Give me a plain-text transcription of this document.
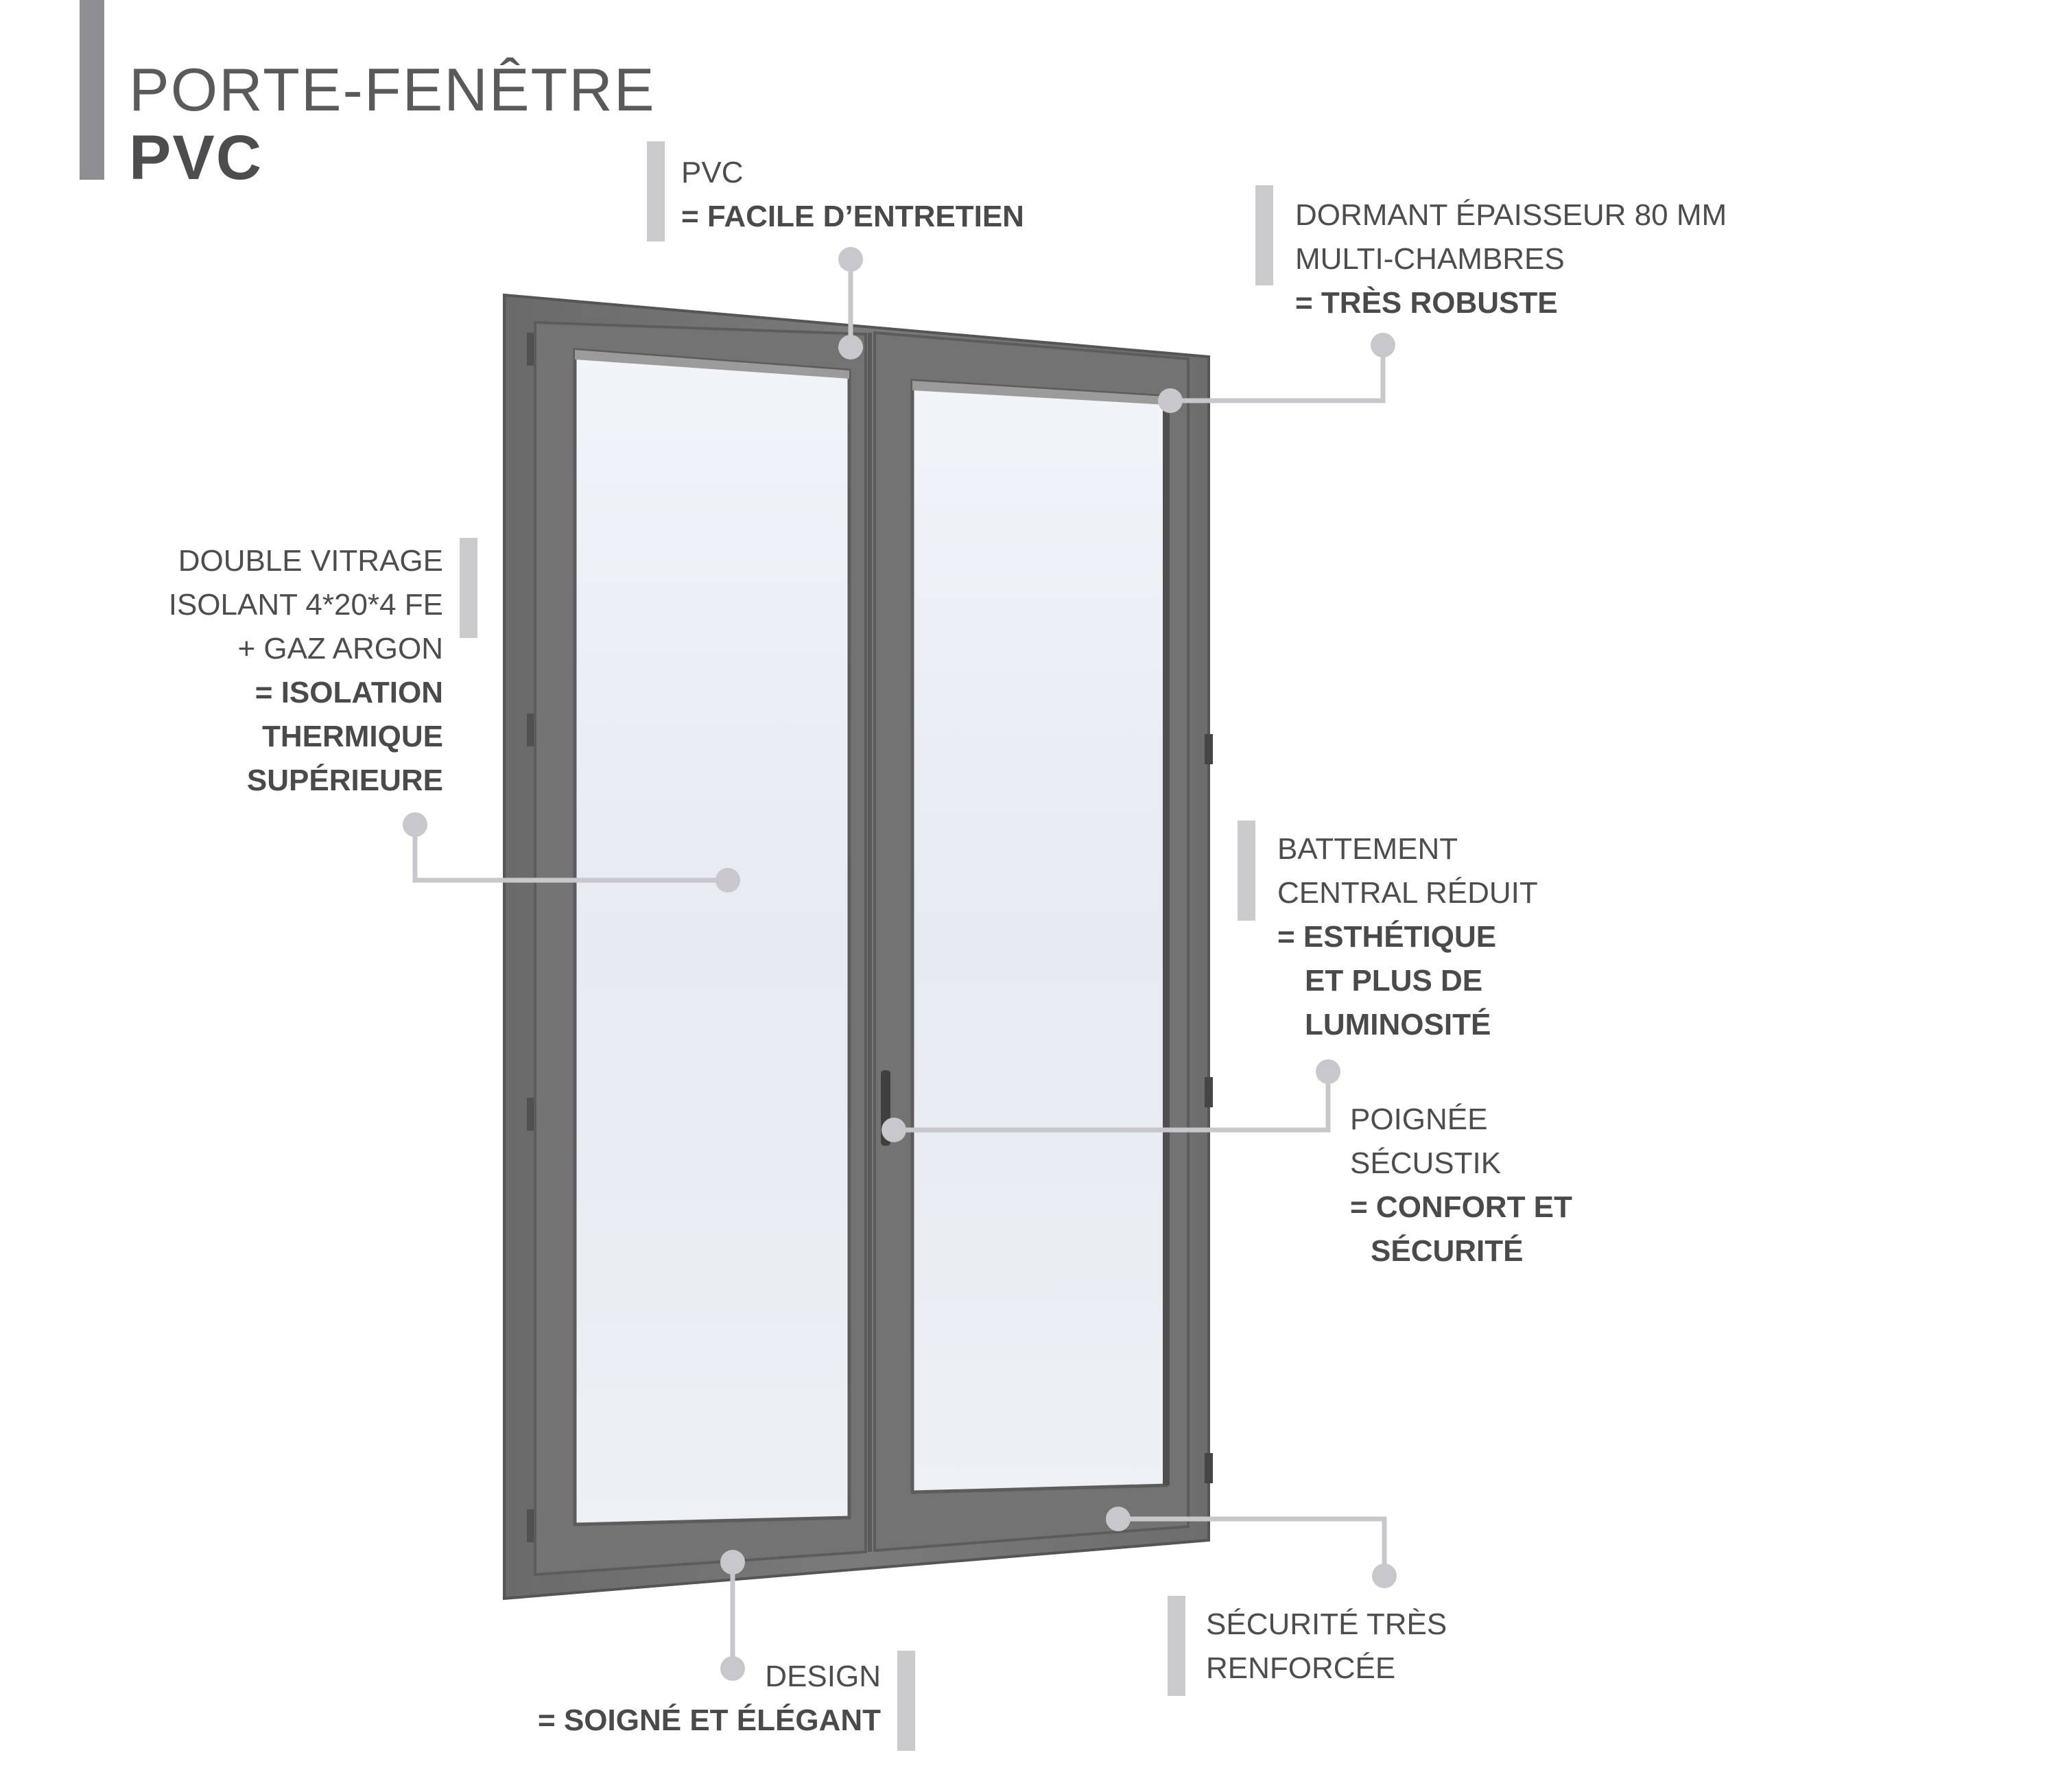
PORTE-FENÊTRE
PVC	PVC
= FACILE D’ENTRETIEN	DORMANT ÉPAISSEUR 80 MM
MULTI-CHAMBRES
= TRÈS ROBUSTE
DOUBLE VITRAGE
ISOLANT 4*20*4 FE
+ GAZ ARGON
= ISOLATION
THERMIQUE
SUPÉRIEURE
BATTEMENT
CENTRAL RÉDUIT
= ESTHÉTIQUE
ET PLUS DE
LUMINOSITÉ
POIGNÉE
SÉCUSTIK
= CONFORT ET
SÉCURITÉ
SÉCURITÉ TRÈS
RENFORCÉE
DESIGN
= SOIGNÉ ET ÉLÉGANT
